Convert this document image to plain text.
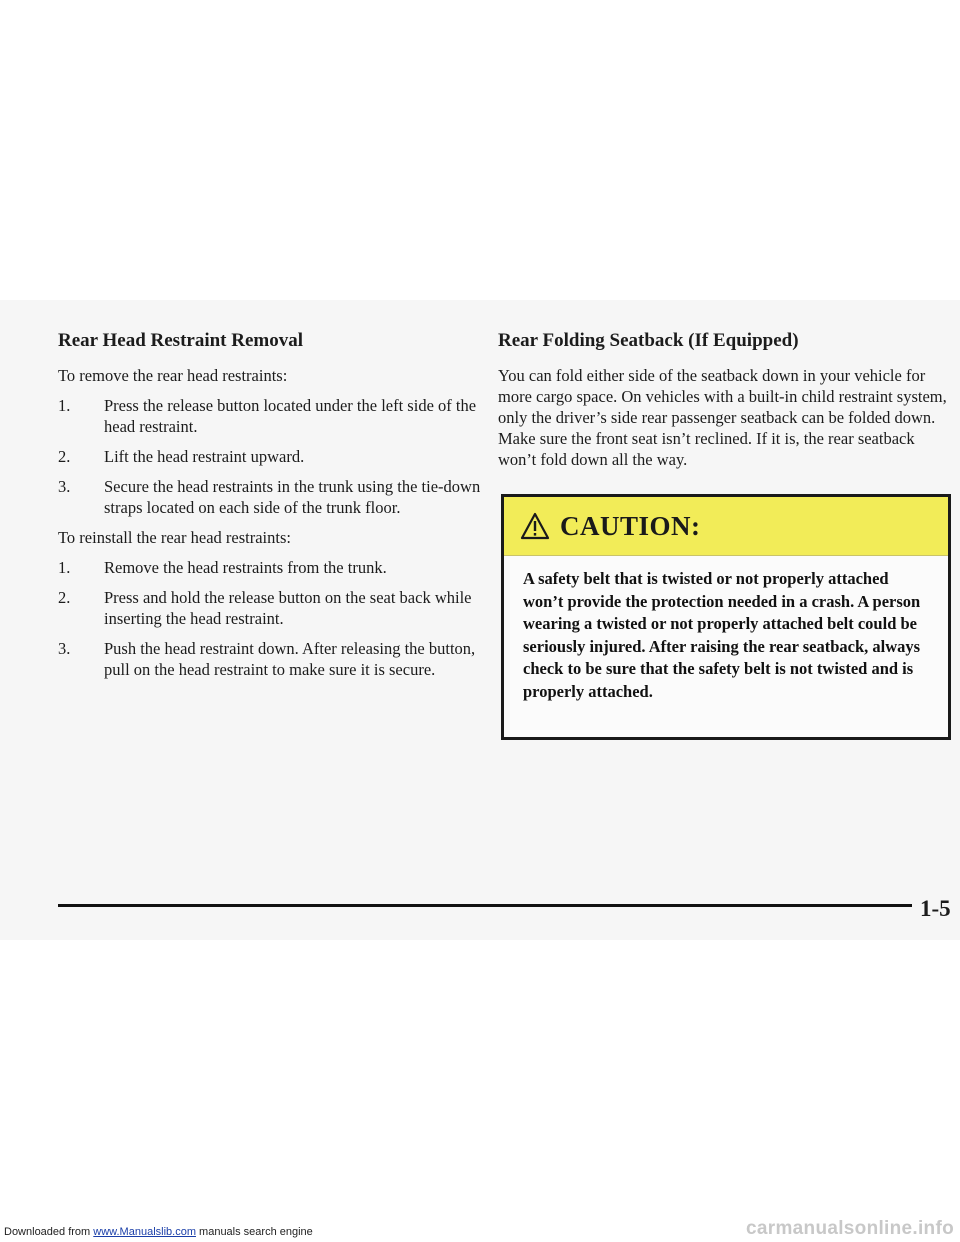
Rear Head Restraint Removal

To remove the rear head restraints:

1. Press the release button located under the left side of the head restraint.
2. Lift the head restraint upward.
3. Secure the head restraints in the trunk using the tie-down straps located on each side of the trunk floor.

To reinstall the rear head restraints:

1. Remove the head restraints from the trunk.
2. Press and hold the release button on the seat back while inserting the head restraint.
3. Push the head restraint down. After releasing the button, pull on the head restraint to make sure it is secure.
Rear Folding Seatback (If Equipped)

You can fold either side of the seatback down in your vehicle for more cargo space. On vehicles with a built-in child restraint system, only the driver’s side rear passenger seatback can be folded down. Make sure the front seat isn’t reclined. If it is, the rear seatback won’t fold down all the way.

CAUTION:
A safety belt that is twisted or not properly attached won’t provide the protection needed in a crash. A person wearing a twisted or not properly attached belt could be seriously injured. After raising the rear seatback, always check to be sure that the safety belt is not twisted and is properly attached.
1-5
Downloaded from www.Manualslib.com manuals search engine	carmanualsonline.info
